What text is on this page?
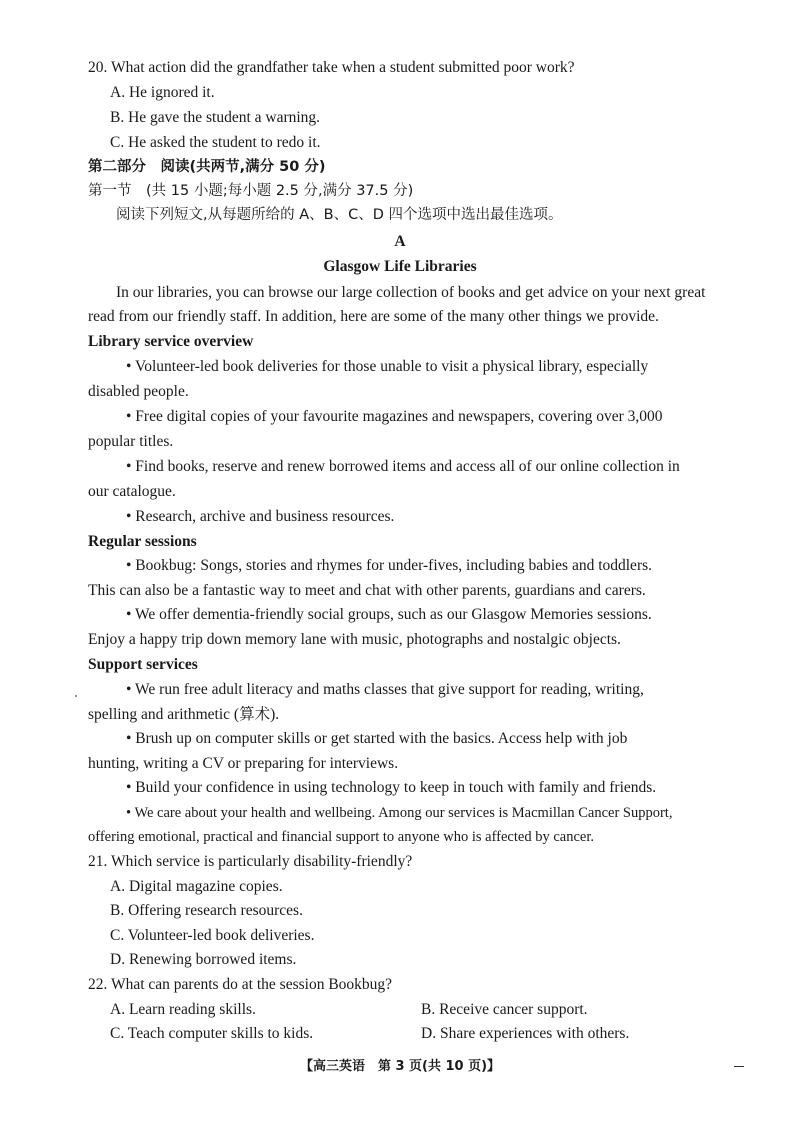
20. What action did the grandfather take when a student submitted poor work?
A. He ignored it.
B. He gave the student a warning.
C. He asked the student to redo it.
第二部分　阅读(共两节,满分 50 分)
第一节　(共 15 小题;每小题 2.5 分,满分 37.5 分)
阅读下列短文,从每题所给的 A、B、C、D 四个选项中选出最佳选项。
A
Glasgow Life Libraries
In our libraries, you can browse our large collection of books and get advice on your next great
read from our friendly staff. In addition, here are some of the many other things we provide.
Library service overview
• Volunteer-led book deliveries for those unable to visit a physical library, especially
disabled people.
• Free digital copies of your favourite magazines and newspapers, covering over 3,000
popular titles.
• Find books, reserve and renew borrowed items and access all of our online collection in
our catalogue.
• Research, archive and business resources.
Regular sessions
• Bookbug: Songs, stories and rhymes for under-fives, including babies and toddlers.
This can also be a fantastic way to meet and chat with other parents, guardians and carers.
• We offer dementia-friendly social groups, such as our Glasgow Memories sessions.
Enjoy a happy trip down memory lane with music, photographs and nostalgic objects.
Support services
• We run free adult literacy and maths classes that give support for reading, writing,
spelling and arithmetic (算术).
• Brush up on computer skills or get started with the basics. Access help with job
hunting, writing a CV or preparing for interviews.
• Build your confidence in using technology to keep in touch with family and friends.
• We care about your health and wellbeing. Among our services is Macmillan Cancer Support,
offering emotional, practical and financial support to anyone who is affected by cancer.
21. Which service is particularly disability-friendly?
A. Digital magazine copies.
B. Offering research resources.
C. Volunteer-led book deliveries.
D. Renewing borrowed items.
22. What can parents do at the session Bookbug?
A. Learn reading skills.	B. Receive cancer support.
C. Teach computer skills to kids.	D. Share experiences with others.
【高三英语　第 3 页(共 10 页)】
